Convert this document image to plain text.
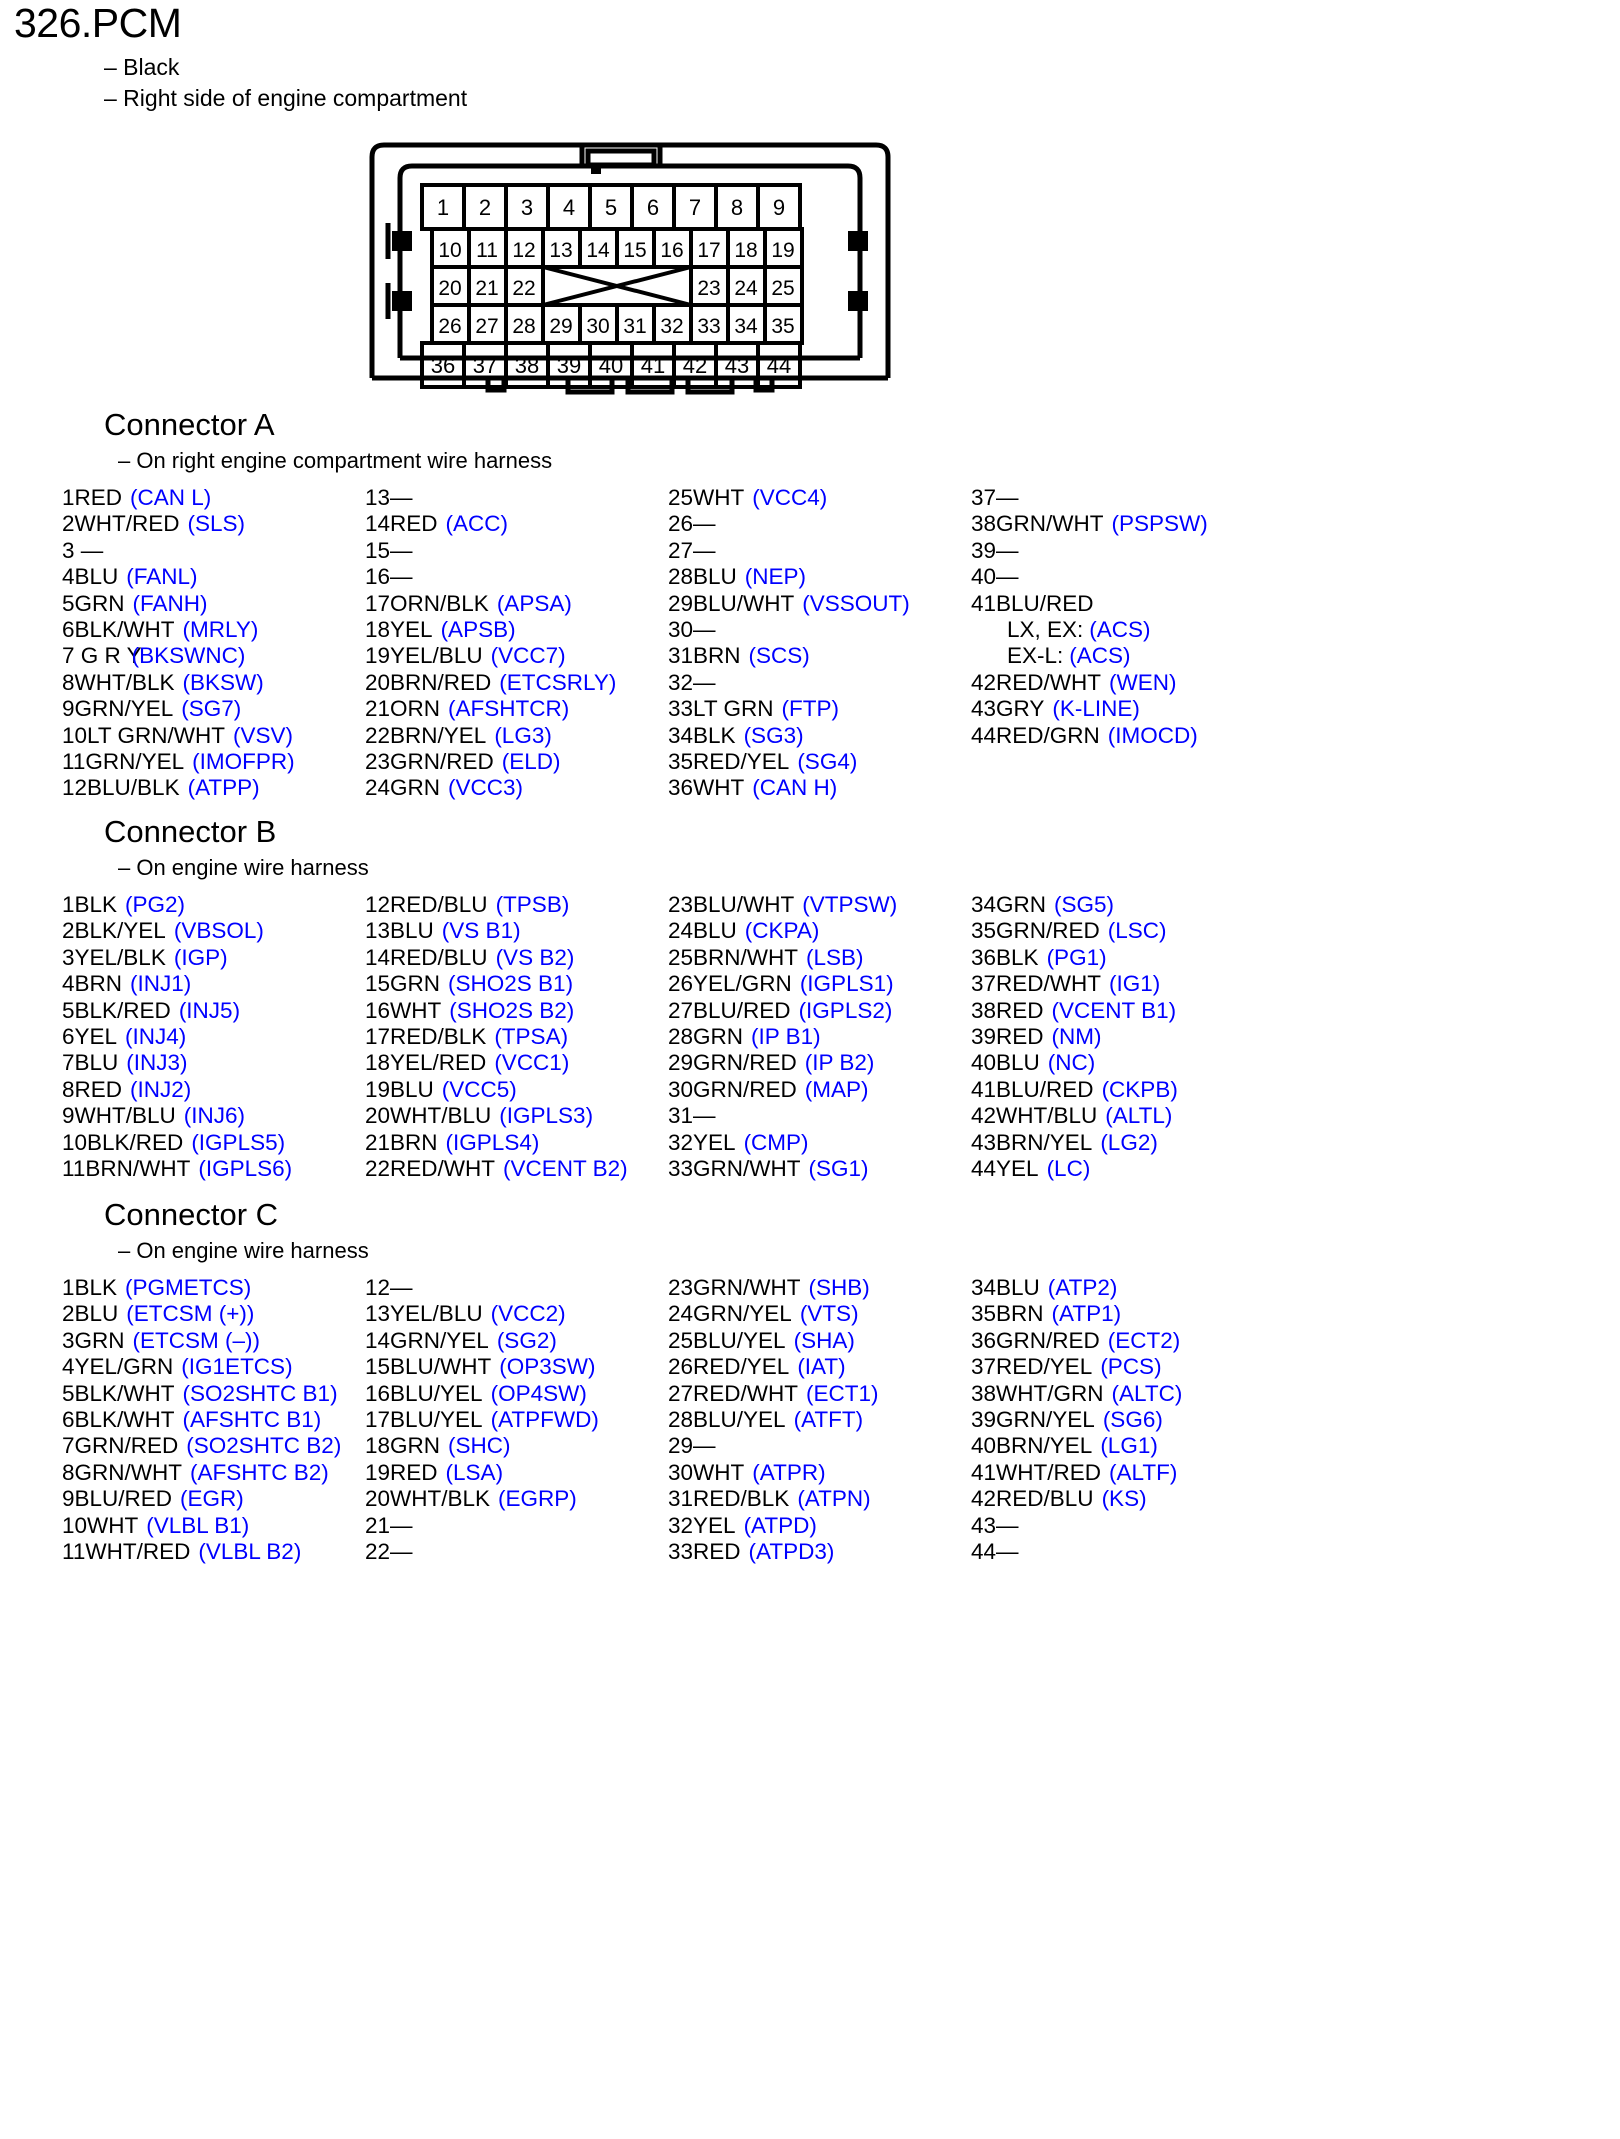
326.PCM
– Black
– Right side of engine compartment
1 2 3 4 5 6 7 8 9
10 11 12 13 14 15 16 17 18 19
20 21 22	23 24 25
26 27 28 29 30 31 32 33 34 35
36 37 38 39 40 41 42 43 44
Connector A
– On right engine compartment wire harness
1RED (CAN L)
2WHT/RED (SLS)
3 —
4BLU (FANL)
5GRN (FANH)
6BLK/WHT (MRLY)
7 G R Y(BKSWNC)
8WHT/BLK (BKSW)
9GRN/YEL (SG7)
10LT GRN/WHT (VSV)
11GRN/YEL (IMOFPR)
12BLU/BLK (ATPP)
13—
14RED (ACC)
15—
16—
17ORN/BLK (APSA)
18YEL (APSB)
19YEL/BLU (VCC7)
20BRN/RED (ETCSRLY)
21ORN (AFSHTCR)
22BRN/YEL (LG3)
23GRN/RED (ELD)
24GRN (VCC3)
25WHT (VCC4)
26—
27—
28BLU (NEP)
29BLU/WHT (VSSOUT)
30—
31BRN (SCS)
32—
33LT GRN (FTP)
34BLK (SG3)
35RED/YEL (SG4)
36WHT (CAN H)
37—
38GRN/WHT (PSPSW)
39—
40—
41BLU/RED
LX, EX: (ACS)
EX-L: (ACS)
42RED/WHT (WEN)
43GRY (K-LINE)
44RED/GRN (IMOCD)
Connector B
– On engine wire harness
1BLK (PG2)
2BLK/YEL (VBSOL)
3YEL/BLK (IGP)
4BRN (INJ1)
5BLK/RED (INJ5)
6YEL (INJ4)
7BLU (INJ3)
8RED (INJ2)
9WHT/BLU (INJ6)
10BLK/RED (IGPLS5)
11BRN/WHT (IGPLS6)
12RED/BLU (TPSB)
13BLU (VS B1)
14RED/BLU (VS B2)
15GRN (SHO2S B1)
16WHT (SHO2S B2)
17RED/BLK (TPSA)
18YEL/RED (VCC1)
19BLU (VCC5)
20WHT/BLU (IGPLS3)
21BRN (IGPLS4)
22RED/WHT (VCENT B2)
23BLU/WHT (VTPSW)
24BLU (CKPA)
25BRN/WHT (LSB)
26YEL/GRN (IGPLS1)
27BLU/RED (IGPLS2)
28GRN (IP B1)
29GRN/RED (IP B2)
30GRN/RED (MAP)
31—
32YEL (CMP)
33GRN/WHT (SG1)
34GRN (SG5)
35GRN/RED (LSC)
36BLK (PG1)
37RED/WHT (IG1)
38RED (VCENT B1)
39RED (NM)
40BLU (NC)
41BLU/RED (CKPB)
42WHT/BLU (ALTL)
43BRN/YEL (LG2)
44YEL (LC)
Connector C
– On engine wire harness
1BLK (PGMETCS)
2BLU (ETCSM (+))
3GRN (ETCSM (–))
4YEL/GRN (IG1ETCS)
5BLK/WHT (SO2SHTC B1)
6BLK/WHT (AFSHTC B1)
7GRN/RED (SO2SHTC B2)
8GRN/WHT (AFSHTC B2)
9BLU/RED (EGR)
10WHT (VLBL B1)
11WHT/RED (VLBL B2)
12—
13YEL/BLU (VCC2)
14GRN/YEL (SG2)
15BLU/WHT (OP3SW)
16BLU/YEL (OP4SW)
17BLU/YEL (ATPFWD)
18GRN (SHC)
19RED (LSA)
20WHT/BLK (EGRP)
21—
22—
23GRN/WHT (SHB)
24GRN/YEL (VTS)
25BLU/YEL (SHA)
26RED/YEL (IAT)
27RED/WHT (ECT1)
28BLU/YEL (ATFT)
29—
30WHT (ATPR)
31RED/BLK (ATPN)
32YEL (ATPD)
33RED (ATPD3)
34BLU (ATP2)
35BRN (ATP1)
36GRN/RED (ECT2)
37RED/YEL (PCS)
38WHT/GRN (ALTC)
39GRN/YEL (SG6)
40BRN/YEL (LG1)
41WHT/RED (ALTF)
42RED/BLU (KS)
43—
44—
